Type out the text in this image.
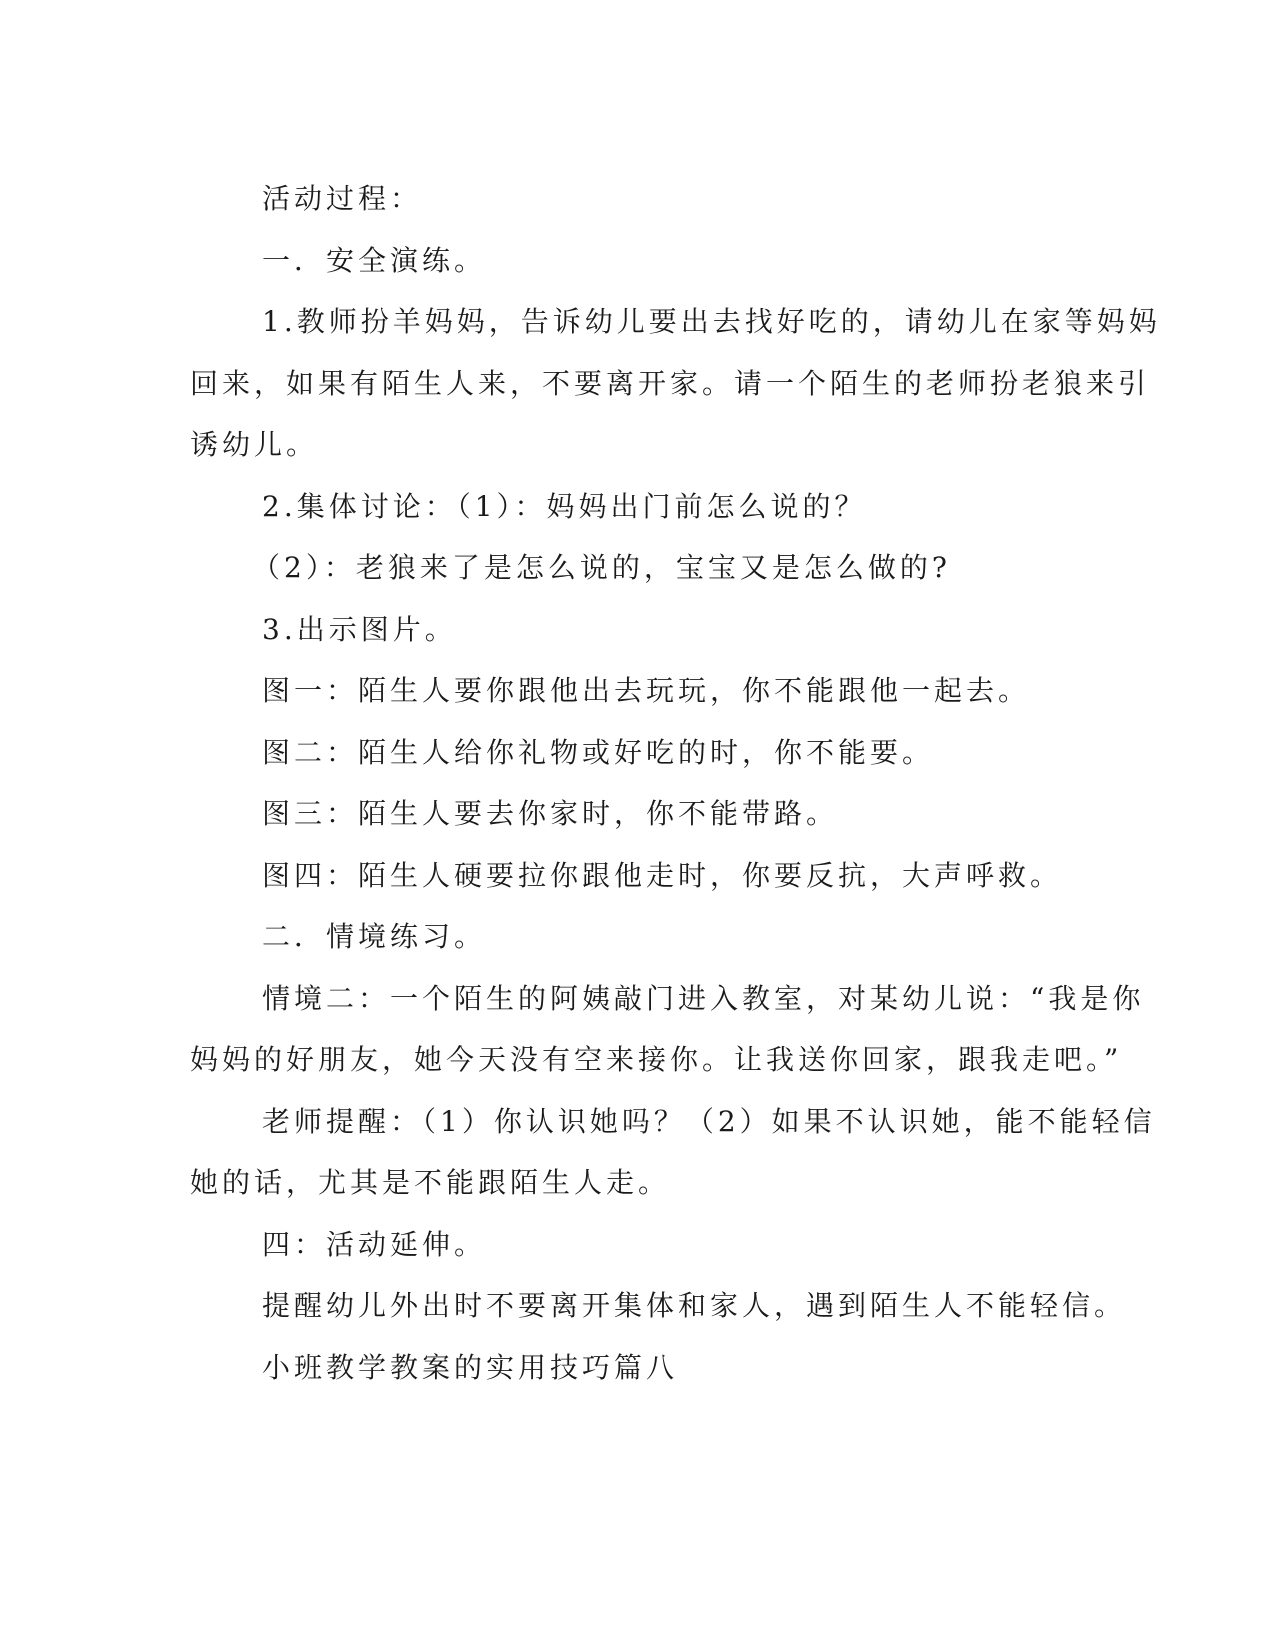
活动过程：
一．安全演练。
1.教师扮羊妈妈，告诉幼儿要出去找好吃的，请幼儿在家等妈妈
回来，如果有陌生人来，不要离开家。请一个陌生的老师扮老狼来引
诱幼儿。
2.集体讨论：（1）：妈妈出门前怎么说的？
（2）：老狼来了是怎么说的，宝宝又是怎么做的?
3.出示图片。
图一：陌生人要你跟他出去玩玩，你不能跟他一起去。
图二：陌生人给你礼物或好吃的时，你不能要。
图三：陌生人要去你家时，你不能带路。
图四：陌生人硬要拉你跟他走时，你要反抗，大声呼救。
二．情境练习。
情境二：一个陌生的阿姨敲门进入教室，对某幼儿说：“我是你
妈妈的好朋友，她今天没有空来接你。让我送你回家，跟我走吧。”
老师提醒：（1）你认识她吗？（2）如果不认识她，能不能轻信
她的话，尤其是不能跟陌生人走。
四：活动延伸。
提醒幼儿外出时不要离开集体和家人，遇到陌生人不能轻信。
小班教学教案的实用技巧篇八
